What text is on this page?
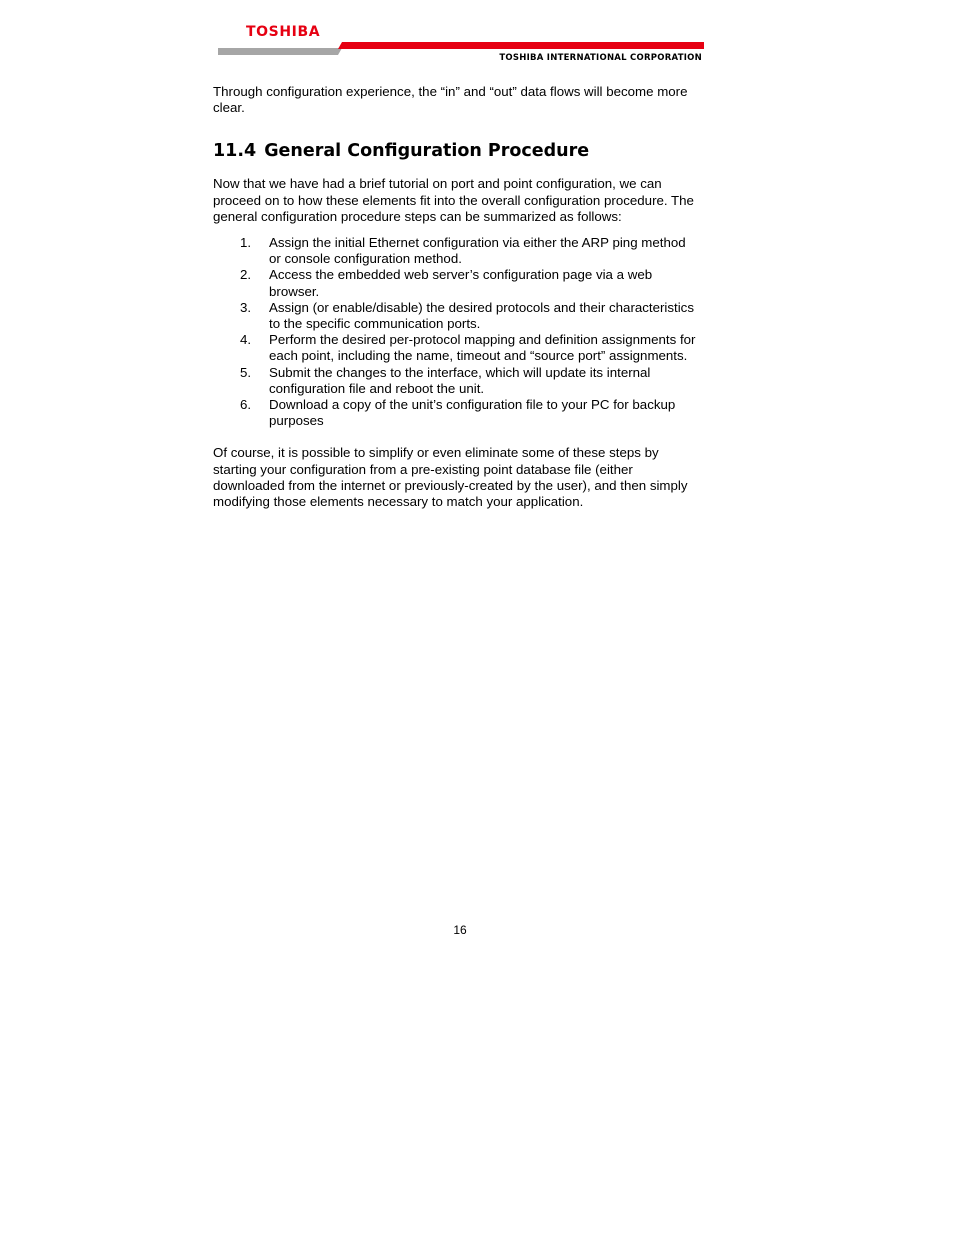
TOSHIBA
TOSHIBA INTERNATIONAL CORPORATION

Through configuration experience, the “in” and “out” data flows will become more clear.

11.4 General Configuration Procedure

Now that we have had a brief tutorial on port and point configuration, we can proceed on to how these elements fit into the overall configuration procedure. The general configuration procedure steps can be summarized as follows:

1.	Assign the initial Ethernet configuration via either the ARP ping method or console configuration method.
2.	Access the embedded web server’s configuration page via a web browser.
3.	Assign (or enable/disable) the desired protocols and their characteristics to the specific communication ports.
4.	Perform the desired per-protocol mapping and definition assignments for each point, including the name, timeout and “source port” assignments.
5.	Submit the changes to the interface, which will update its internal configuration file and reboot the unit.
6.	Download a copy of the unit’s configuration file to your PC for backup purposes

Of course, it is possible to simplify or even eliminate some of these steps by starting your configuration from a pre-existing point database file (either downloaded from the internet or previously-created by the user), and then simply modifying those elements necessary to match your application.

16
